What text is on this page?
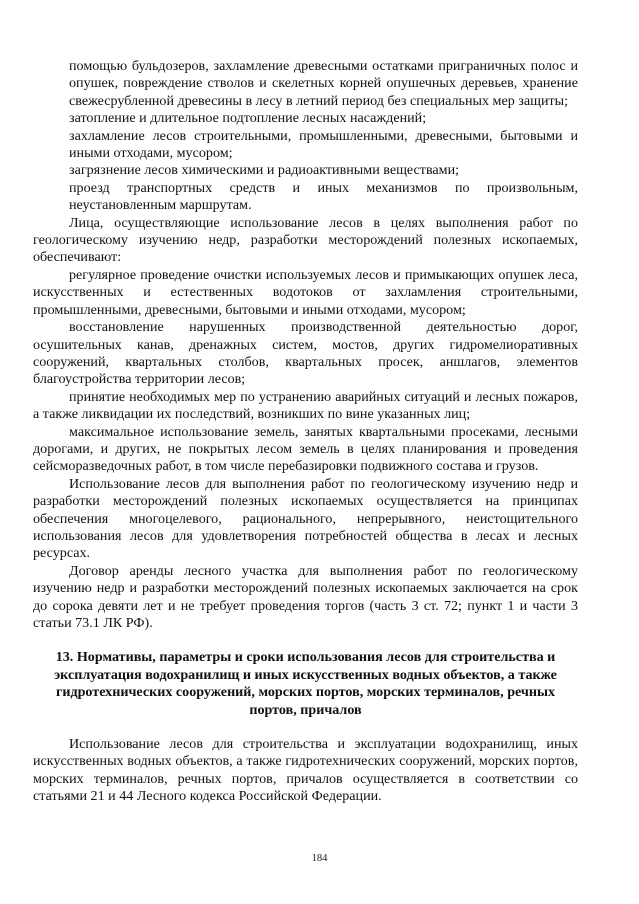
помощью бульдозеров, захламление древесными остатками приграничных полос и опушек, повреждение стволов и скелетных корней опушечных деревьев, хранение свежесрубленной древесины в лесу в летний период без специальных мер защиты;

затопление и длительное подтопление лесных насаждений;

захламление лесов строительными, промышленными, древесными, бытовыми и иными отходами, мусором;

загрязнение лесов химическими и радиоактивными веществами;

проезд транспортных средств и иных механизмов по произвольным, неустановленным маршрутам.

Лица, осуществляющие использование лесов в целях выполнения работ по геологическому изучению недр, разработки месторождений полезных ископаемых, обеспечивают:

регулярное проведение очистки используемых лесов и примыкающих опушек леса, искусственных и естественных водотоков от захламления строительными, промышленными, древесными, бытовыми и иными отходами, мусором;

восстановление нарушенных производственной деятельностью дорог, осушительных канав, дренажных систем, мостов, других гидромелиоративных сооружений, квартальных столбов, квартальных просек, аншлагов, элементов благоустройства территории лесов;

принятие необходимых мер по устранению аварийных ситуаций и лесных пожаров, а также ликвидации их последствий, возникших по вине указанных лиц;

максимальное использование земель, занятых квартальными просеками, лесными дорогами, и других, не покрытых лесом земель в целях планирования и проведения сейсморазведочных работ, в том числе перебазировки подвижного состава и грузов.

Использование лесов для выполнения работ по геологическому изучению недр и разработки месторождений полезных ископаемых осуществляется на принципах обеспечения многоцелевого, рационального, непрерывного, неистощительного использования лесов для удовлетворения потребностей общества в лесах и лесных ресурсах.

Договор аренды лесного участка для выполнения работ по геологическому изучению недр и разработки месторождений полезных ископаемых заключается на срок до сорока девяти лет и не требует проведения торгов (часть 3 ст. 72; пункт 1 и части 3 статьи 73.1 ЛК РФ).

13. Нормативы, параметры и сроки использования лесов для строительства и эксплуатация водохранилищ и иных искусственных водных объектов, а также гидротехнических сооружений, морских портов, морских терминалов, речных портов, причалов

Использование лесов для строительства и эксплуатации водохранилищ, иных искусственных водных объектов, а также гидротехнических сооружений, морских портов, морских терминалов, речных портов, причалов осуществляется в соответствии со статьями 21 и 44 Лесного кодекса Российской Федерации.

184
